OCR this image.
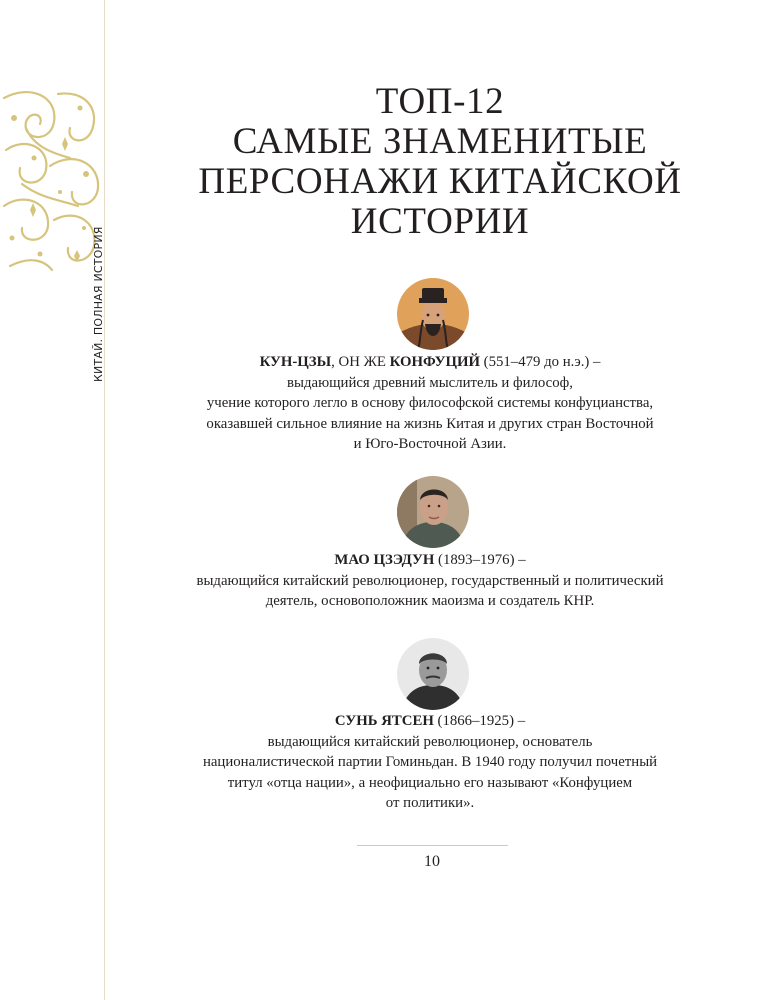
КИТАЙ. ПОЛНАЯ ИСТОРИЯ
ТОП-12
САМЫЕ ЗНАМЕНИТЫЕ
ПЕРСОНАЖИ КИТАЙСКОЙ
ИСТОРИИ
КУН-ЦЗЫ, ОН ЖЕ КОНФУЦИЙ (551–479 до н.э.) –
выдающийся древний мыслитель и философ,
учение которого легло в основу философской системы конфуцианства,
оказавшей сильное влияние на жизнь Китая и других стран Восточной
и Юго-Восточной Азии.
МАО ЦЗЭДУН (1893–1976) –
выдающийся китайский революционер, государственный и политический
деятель, основоположник маоизма и создатель КНР.
СУНЬ ЯТСЕН (1866–1925) –
выдающийся китайский революционер, основатель
националистической партии Гоминьдан. В 1940 году получил почетный
титул «отца нации», а неофициально его называют «Конфуцием
от политики».
10
